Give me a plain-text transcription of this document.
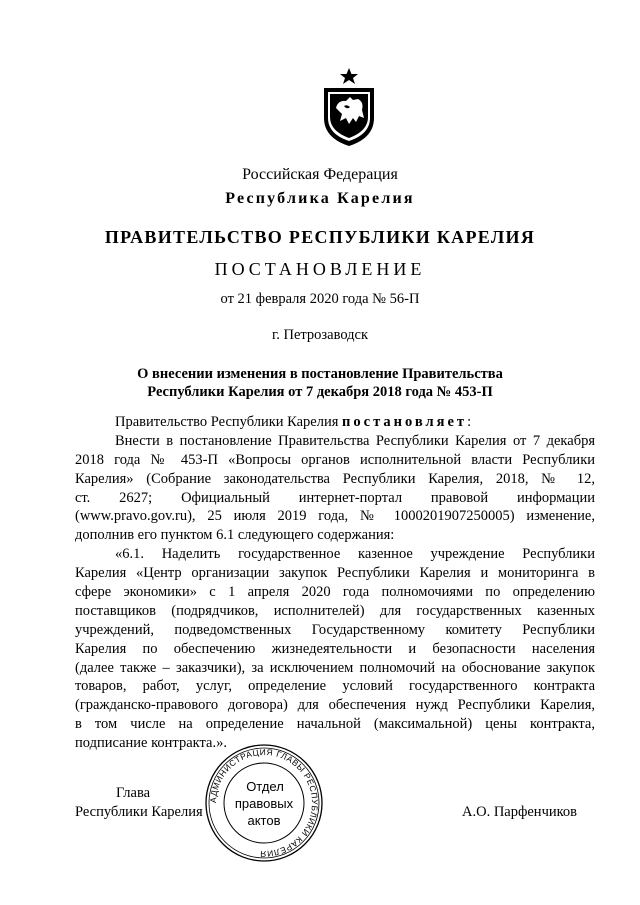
Российская Федерация
Республика Карелия
ПРАВИТЕЛЬСТВО РЕСПУБЛИКИ КАРЕЛИЯ
ПОСТАНОВЛЕНИЕ
от 21 февраля 2020 года № 56-П
г. Петрозаводск
О внесении изменения в постановление Правительства
Республики Карелия от 7 декабря 2018 года № 453-П
Правительство Республики Карелия постановляет:
Внести в постановление Правительства Республики Карелия от 7 декабря
2018 года № 453-П «Вопросы органов исполнительной власти Республики
Карелия» (Собрание законодательства Республики Карелия, 2018, № 12,
ст. 2627; Официальный интернет-портал правовой информации
(www.pravo.gov.ru), 25 июля 2019 года, № 1000201907250005) изменение,
дополнив его пунктом 6.1 следующего содержания:
«6.1. Наделить государственное казенное учреждение Республики
Карелия «Центр организации закупок Республики Карелия и мониторинга в
сфере экономики» с 1 апреля 2020 года полномочиями по определению
поставщиков (подрядчиков, исполнителей) для государственных казенных
учреждений, подведомственных Государственному комитету Республики
Карелия по обеспечению жизнедеятельности и безопасности населения
(далее также – заказчики), за исключением полномочий на обоснование закупок
товаров, работ, услуг, определение условий государственного контракта
(гражданско-правового договора) для обеспечения нужд Республики Карелия,
в том числе на определение начальной (максимальной) цены контракта,
подписание контракта.».
Глава
Республики Карелия	А.О. Парфенчиков
АДМИНИСТРАЦИЯ ГЛАВЫ РЕСПУБЛИКИ КАРЕЛИЯ
Отдел
правовых
актов
